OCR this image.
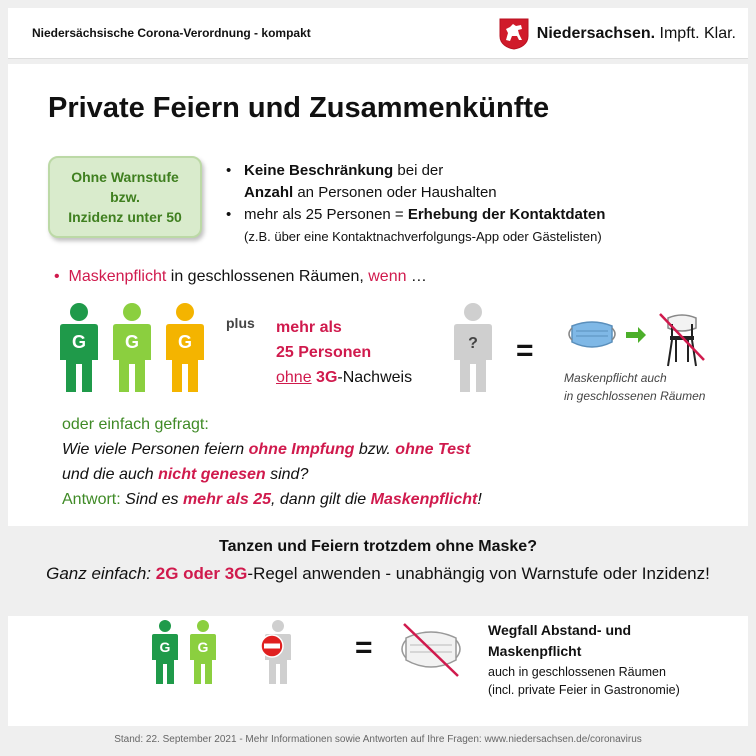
Niedersächsische Corona-Verordnung - kompakt	Niedersachsen. Impft. Klar.
Private Feiern und Zusammenkünfte
Ohne Warnstufe
bzw.
Inzidenz unter 50
• Keine Beschränkung bei der
Anzahl an Personen oder Haushalten
• mehr als 25 Personen = Erhebung der Kontaktdaten
(z.B. über eine Kontaktnachverfolgungs-App oder Gästelisten)
• Maskenpflicht in geschlossenen Räumen, wenn …
G G G
plus mehr als
25 Personen
ohne 3G-Nachweis
? =
Maskenpflicht auch
in geschlossenen Räumen
oder einfach gefragt:
Wie viele Personen feiern ohne Impfung bzw. ohne Test
und die auch nicht genesen sind?
Antwort: Sind es mehr als 25, dann gilt die Maskenpflicht!
Tanzen und Feiern trotzdem ohne Maske?
Ganz einfach: 2G oder 3G-Regel anwenden - unabhängig von Warnstufe oder Inzidenz!
G G	=
Wegfall Abstand- und
Maskenpflicht
auch in geschlossenen Räumen
(incl. private Feier in Gastronomie)
Stand: 22. September 2021 - Mehr Informationen sowie Antworten auf Ihre Fragen: www.niedersachsen.de/coronavirus
